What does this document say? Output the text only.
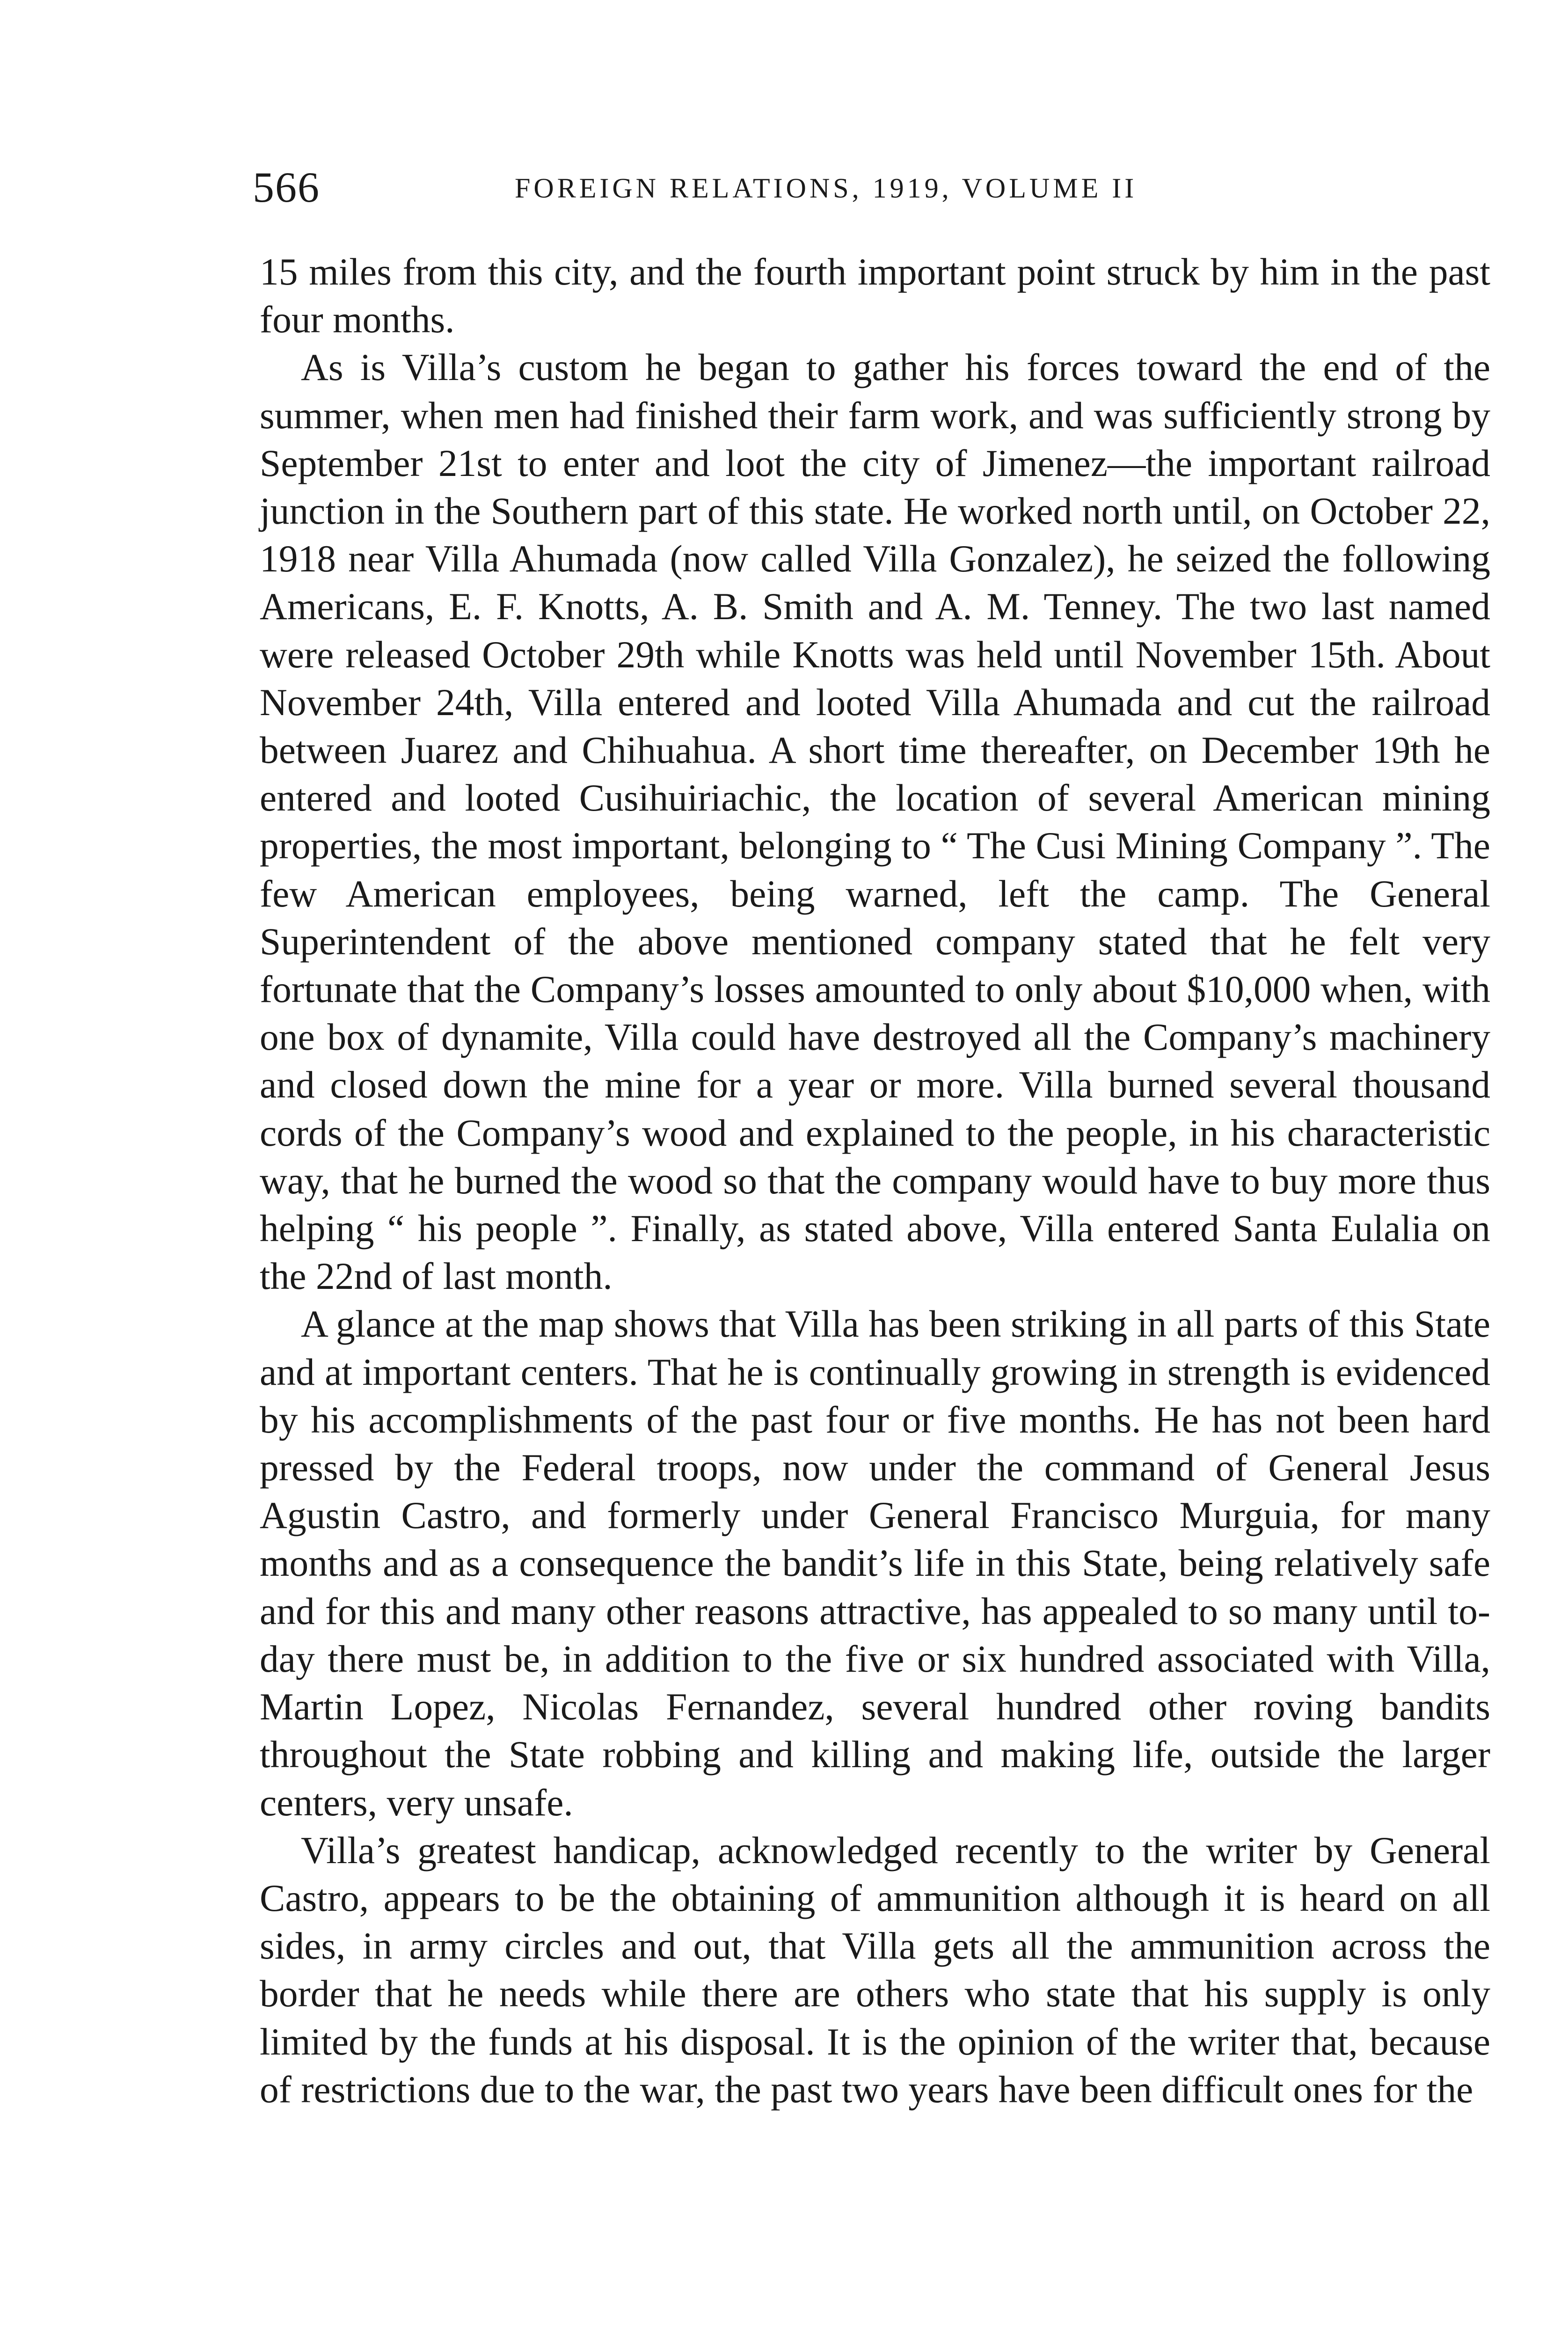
566	FOREIGN RELATIONS, 1919, VOLUME II

15 miles from this city, and the fourth important point struck by him in the past four months.

As is Villa’s custom he began to gather his forces toward the end of the summer, when men had finished their farm work, and was sufficiently strong by September 21st to enter and loot the city of Jimenez—the important railroad junction in the Southern part of this state. He worked north until, on October 22, 1918 near Villa Ahumada (now called Villa Gonzalez), he seized the following Americans, E. F. Knotts, A. B. Smith and A. M. Tenney. The two last named were released October 29th while Knotts was held until November 15th. About November 24th, Villa entered and looted Villa Ahumada and cut the railroad between Juarez and Chihuahua. A short time thereafter, on December 19th he entered and looted Cusihuiriachic, the location of several American mining properties, the most important, belonging to “ The Cusi Mining Company ”. The few American employees, being warned, left the camp. The General Superintendent of the above mentioned company stated that he felt very fortunate that the Company’s losses amounted to only about $10,000 when, with one box of dynamite, Villa could have destroyed all the Company’s machinery and closed down the mine for a year or more. Villa burned several thousand cords of the Company’s wood and explained to the people, in his characteristic way, that he burned the wood so that the company would have to buy more thus helping “ his people ”. Finally, as stated above, Villa entered Santa Eulalia on the 22nd of last month.

A glance at the map shows that Villa has been striking in all parts of this State and at important centers. That he is continually growing in strength is evidenced by his accomplishments of the past four or five months. He has not been hard pressed by the Federal troops, now under the command of General Jesus Agustin Castro, and formerly under General Francisco Murguia, for many months and as a consequence the bandit’s life in this State, being relatively safe and for this and many other reasons attractive, has appealed to so many until to-day there must be, in addition to the five or six hundred associated with Villa, Martin Lopez, Nicolas Fernandez, several hundred other roving bandits throughout the State robbing and killing and making life, outside the larger centers, very unsafe.

Villa’s greatest handicap, acknowledged recently to the writer by General Castro, appears to be the obtaining of ammunition although it is heard on all sides, in army circles and out, that Villa gets all the ammunition across the border that he needs while there are others who state that his supply is only limited by the funds at his disposal. It is the opinion of the writer that, because of restrictions due to the war, the past two years have been difficult ones for the
